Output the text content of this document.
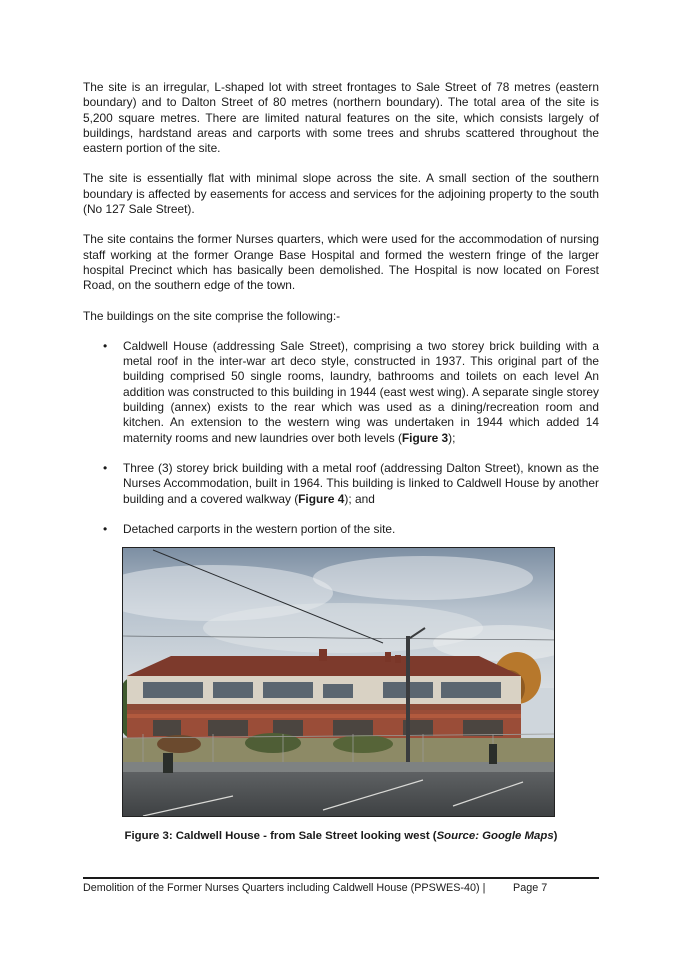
The site is an irregular, L-shaped lot with street frontages to Sale Street of 78 metres (eastern boundary) and to Dalton Street of 80 metres (northern boundary). The total area of the site is 5,200 square metres. There are limited natural features on the site, which consists largely of buildings, hardstand areas and carports with some trees and shrubs scattered throughout the eastern portion of the site.

The site is essentially flat with minimal slope across the site. A small section of the southern boundary is affected by easements for access and services for the adjoining property to the south (No 127 Sale Street).

The site contains the former Nurses quarters, which were used for the accommodation of nursing staff working at the former Orange Base Hospital and formed the western fringe of the larger hospital Precinct which has basically been demolished. The Hospital is now located on Forest Road, on the southern edge of the town.

The buildings on the site comprise the following:-

• Caldwell House (addressing Sale Street), comprising a two storey brick building with a metal roof in the inter-war art deco style, constructed in 1937. This original part of the building comprised 50 single rooms, laundry, bathrooms and toilets on each level An addition was constructed to this building in 1944 (east west wing). A separate single storey building (annex) exists to the rear which was used as a dining/recreation room and kitchen. An extension to the western wing was undertaken in 1944 which added 14 maternity rooms and new laundries over both levels (Figure 3);
• Three (3) storey brick building with a metal roof (addressing Dalton Street), known as the Nurses Accommodation, built in 1964. This building is linked to Caldwell House by another building and a covered walkway (Figure 4); and
• Detached carports in the western portion of the site.
Figure 3: Caldwell House - from Sale Street looking west (Source: Google Maps)
Demolition of the Former Nurses Quarters including Caldwell House (PPSWES-40) |	Page 7
